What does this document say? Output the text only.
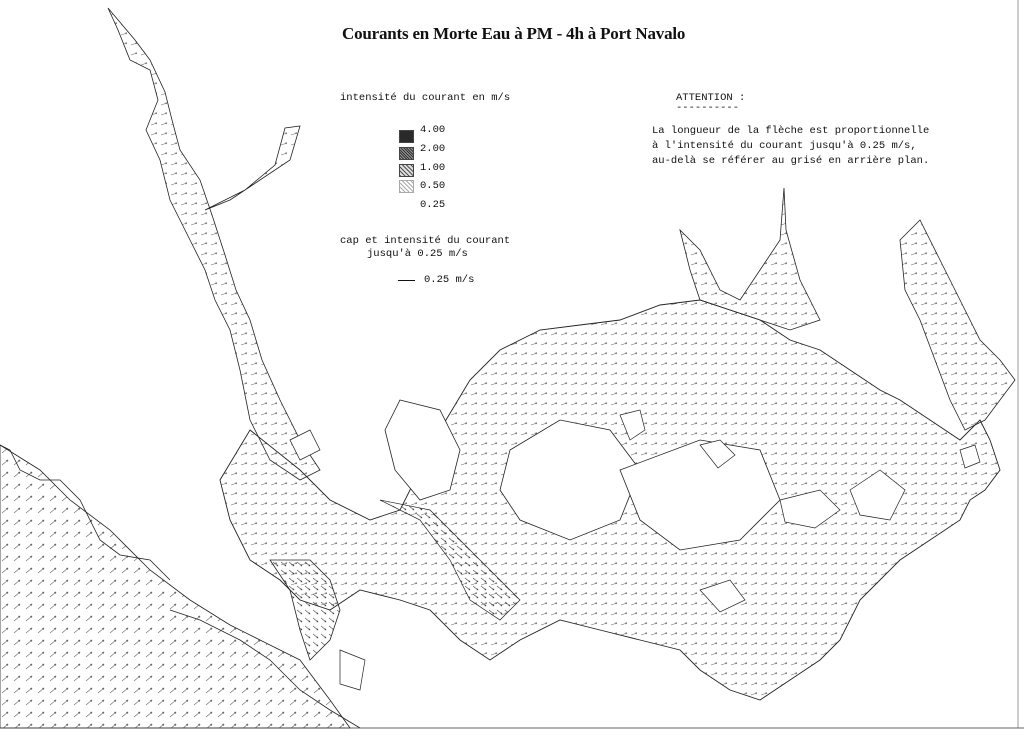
Courants en Morte Eau à PM - 4h à Port Navalo
intensité du courant en m/s
4.00
2.00
1.00
0.50
0.25
cap et intensité du courant
jusqu'à 0.25 m/s
0.25 m/s
ATTENTION :
----------
La longueur de la flèche est proportionnelle
à l'intensité du courant jusqu'à 0.25 m/s,
au-delà se référer au grisé en arrière plan.
